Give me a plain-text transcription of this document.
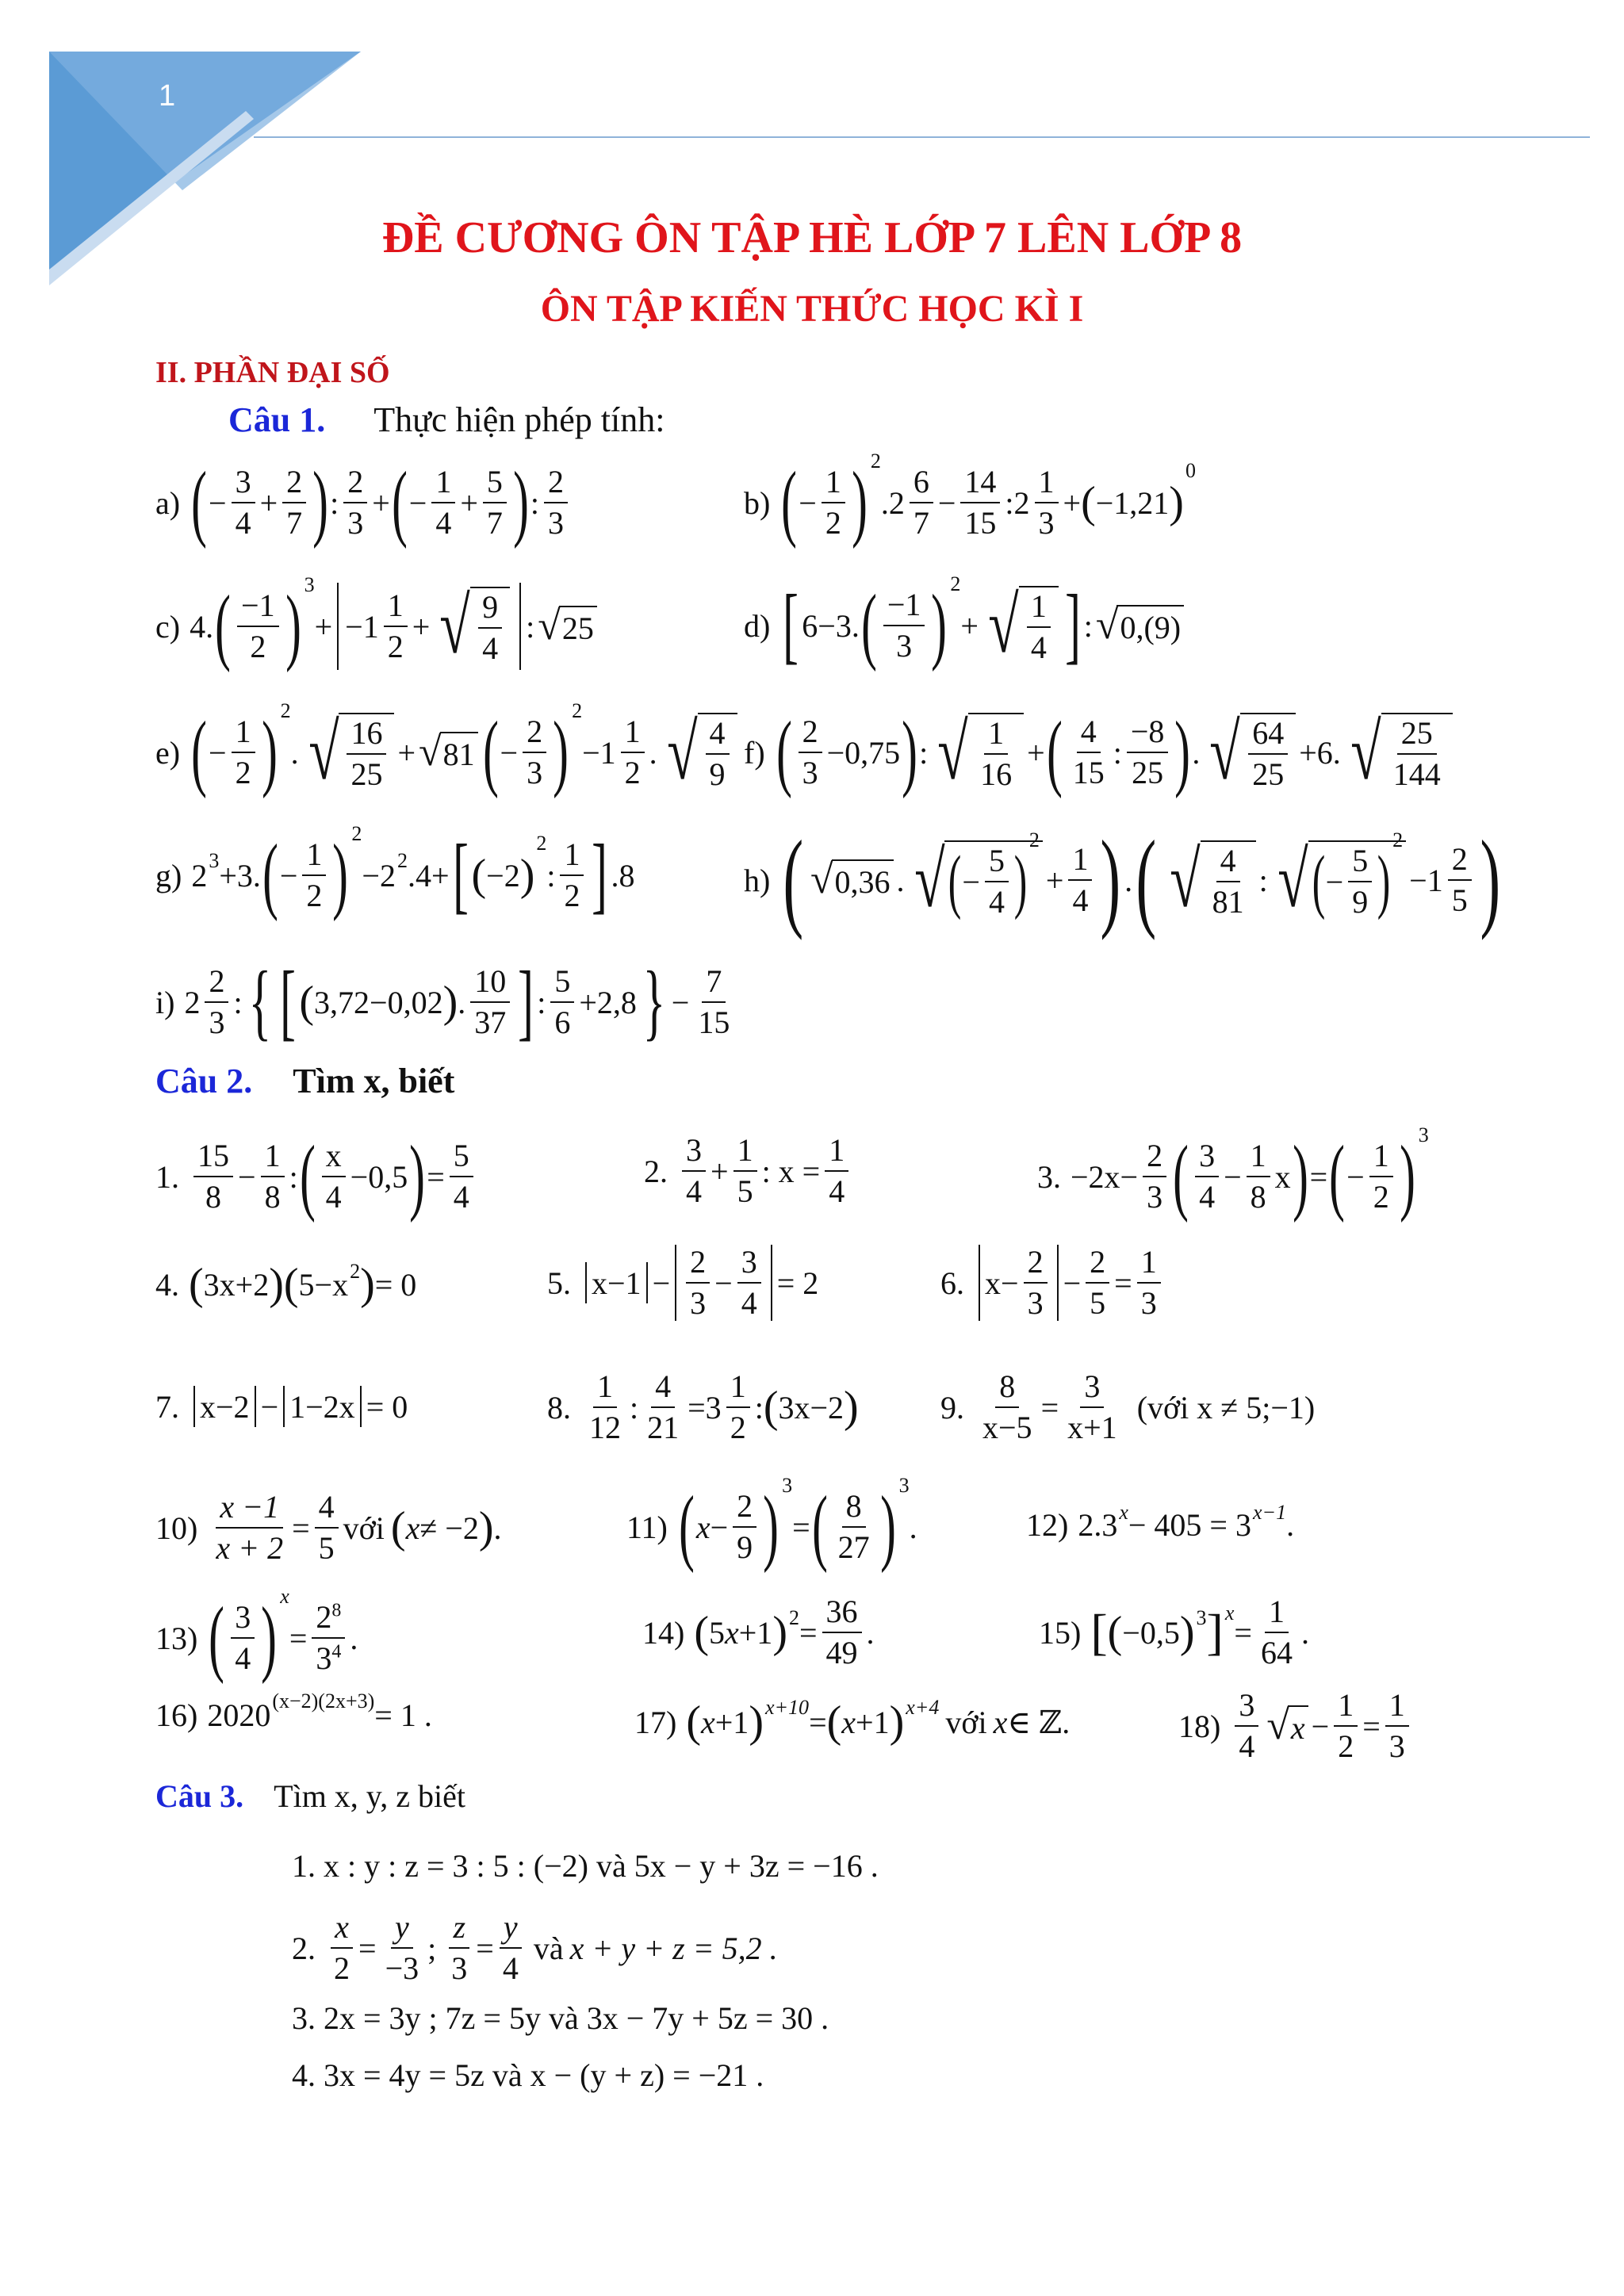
1
ĐỀ CƯƠNG ÔN TẬP HÈ LỚP 7 LÊN LỚP 8
ÔN TẬP KIẾN THỨC HỌC KÌ I
II. PHẦN ĐẠI SỐ
Câu 1. Thực hiện phép tính:
a) ( −
3
4
+
2
7 ) :
2
3
+ ( −
1
4
+
5
7 ) :
2
3
b) ( −
1
2 ) 2
.2
6
7
−
14
15
:2
1
3
+ ( −1,21 )
0
c) 4. ( −1
2 ) 3
+ −1
1
2
+ √ 9
4
: √ 25	d) [ 6−3. ( −1
3 ) 2
+ √ 1
4 ] : √ 0,(9)
e) ( −
1
2 ) 2
. √ 16
25
+ √ 81 ( −
2
3 ) 2
−1
1
2
. √ 4
9
f) ( 2
3
−0,75 ) : √ 1
16
+ ( 4
15
:
−8
25 ) . √ 64
25
+6. √ 25
144
g) 2 3 +3. ( −
1
2 ) 2
−2 2 .4+ [ ( −2 )
2
:
1
2 ] .8	h) ( √ 0,36 . √ ( −
5
4 )
2
+
1
4 ) . ( √ 4
81
: √ ( −
5
9 )
2
−1
2
5 )
i) 2
2
3
: { [ ( 3,72−0,02 ) .
10
37 ] :
5
6
+2,8 } −
7
15
Câu 2. Tìm x, biết
1.
15
8
−
1
8
: ( x
4
−0,5 ) =
5
4
2.
3
4
+
1
5
: x =
1
4	3. −2x−
2
3 ( 3
4
−
1
8
x ) = ( −
1
2 ) 3
4. ( 3x+2 )( 5−x 2 ) = 0	5. x−1 −
2
3
−
3
4
= 2	6. x−
2
3
−
2
5
=
1
3
7. x−2 − 1−2x = 0	8.
1
12
:
4
21
=3
1
2
: ( 3x−2 )	9.
8
x−5
=
3
x+1
(với x ≠ 5;−1)
10)
x −1
x + 2
=
4
5
với ( x ≠ −2 ) .	11) ( x −
2
9 ) 3
= ( 8
27 ) 3
.	12) 2.3 x − 405 = 3 x−1 .
13) ( 3
4 ) x
=
$2^8$
$3^4$ .	14) ( 5 x +1 ) 2 =
36
49
.	15) [ ( −0,5 ) 3 ] x
=
1
64
.
16) 2020 (x−2)(2x+3) = 1 .	17) ( x +1 ) x+10 = ( x +1 ) x+4 với x ∈ ℤ.	18)
3
4 √ x −
1
2
=
1
3
Câu 3. Tìm x, y, z biết
1. x : y : z = 3 : 5 : (−2) và 5x − y + 3z = −16 .
2.
x
2
=
y
−3
;
z
3
=
y
4
và x + y + z = 5,2 .
3. 2x = 3y ; 7z = 5y và 3x − 7y + 5z = 30 .
4. 3x = 4y = 5z và x − (y + z) = −21 .
